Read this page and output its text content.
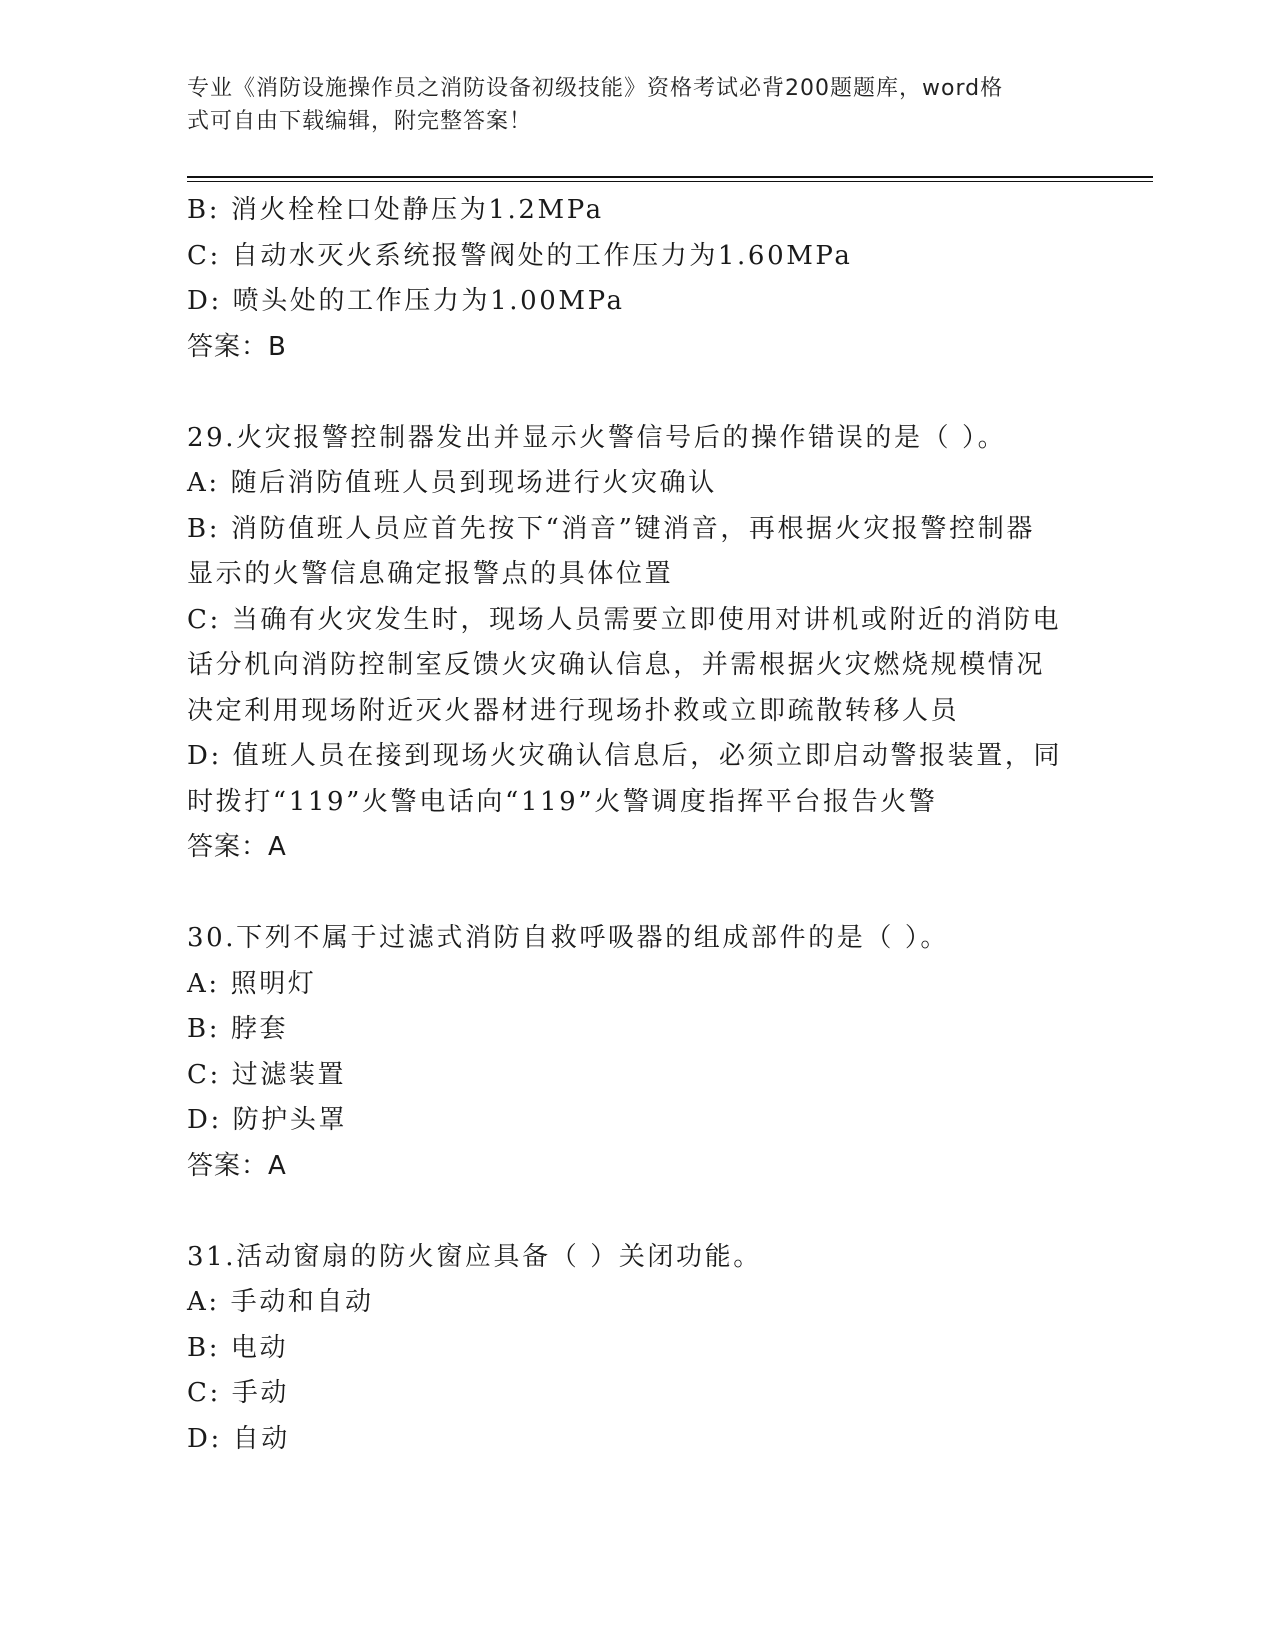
专业《消防设施操作员之消防设备初级技能》资格考试必背200题题库，word格
式可自由下载编辑，附完整答案！
B: 消火栓栓口处静压为1.2MPa
C: 自动水灭火系统报警阀处的工作压力为1.60MPa
D: 喷头处的工作压力为1.00MPa
答案：B
29.火灾报警控制器发出并显示火警信号后的操作错误的是（ ）。
A: 随后消防值班人员到现场进行火灾确认
B: 消防值班人员应首先按下“消音”键消音，再根据火灾报警控制器
显示的火警信息确定报警点的具体位置
C: 当确有火灾发生时，现场人员需要立即使用对讲机或附近的消防电
话分机向消防控制室反馈火灾确认信息，并需根据火灾燃烧规模情况
决定利用现场附近灭火器材进行现场扑救或立即疏散转移人员
D: 值班人员在接到现场火灾确认信息后，必须立即启动警报装置，同
时拨打“119”火警电话向“119”火警调度指挥平台报告火警
答案：A
30.下列不属于过滤式消防自救呼吸器的组成部件的是（ ）。
A: 照明灯
B: 脖套
C: 过滤装置
D: 防护头罩
答案：A
31.活动窗扇的防火窗应具备（ ）关闭功能。
A: 手动和自动
B: 电动
C: 手动
D: 自动
